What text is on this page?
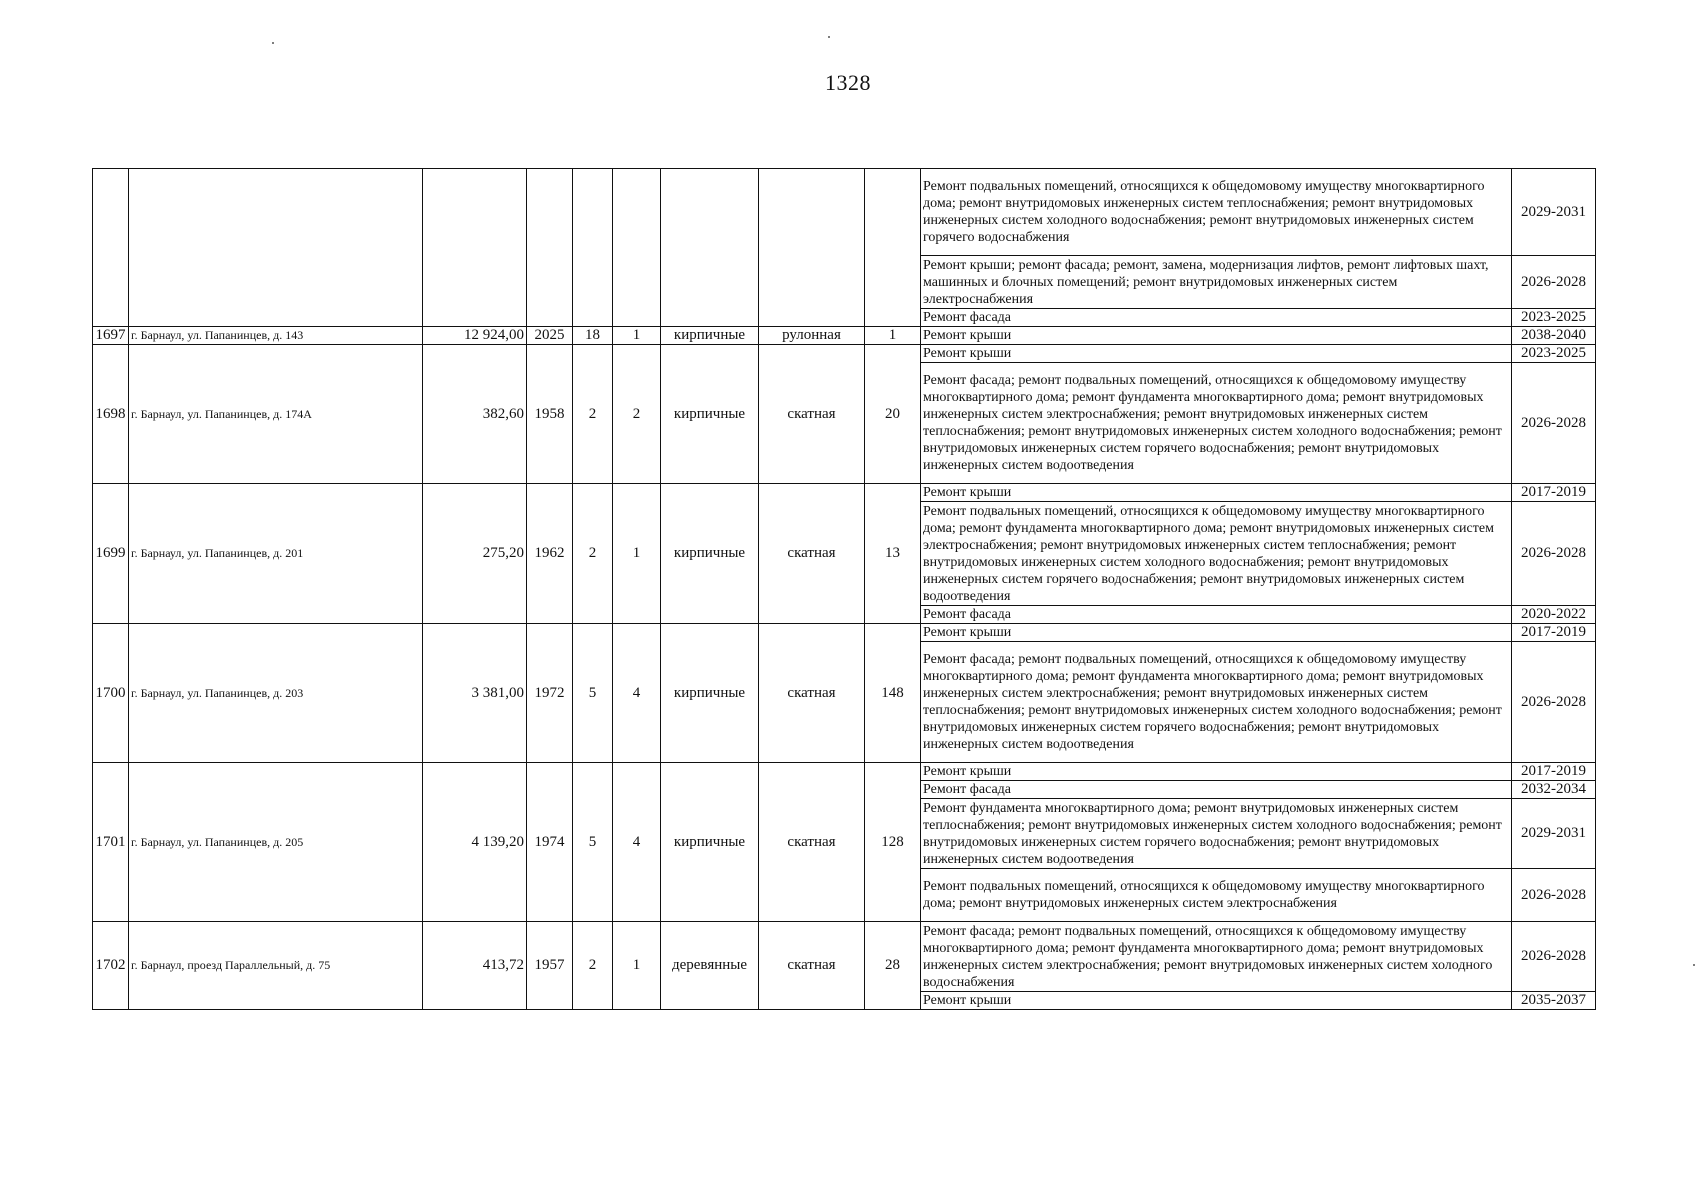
1328
									Ремонт подвальных помещений, относящихся к общедомовому имуществу многоквартирного дома; ремонт внутридомовых инженерных систем теплоснабжения; ремонт внутридомовых инженерных систем холодного водоснабжения; ремонт внутридомовых инженерных систем горячего водоснабжения	2029-2031
									Ремонт крыши; ремонт фасада; ремонт, замена, модернизация лифтов, ремонт лифтовых шахт, машинных и блочных помещений; ремонт внутридомовых инженерных систем электроснабжения	2026-2028
									Ремонт фасада	2023-2025
1697	г. Барнаул, ул. Папанинцев, д. 143	12 924,00	2025	18	1	кирпичные	рулонная	1	Ремонт крыши	2038-2040
1698	г. Барнаул, ул. Папанинцев, д. 174А	382,60	1958	2	2	кирпичные	скатная	20	Ремонт крыши	2023-2025
									Ремонт фасада; ремонт подвальных помещений, относящихся к общедомовому имуществу многоквартирного дома; ремонт фундамента многоквартирного дома; ремонт внутридомовых инженерных систем электроснабжения; ремонт внутридомовых инженерных систем теплоснабжения; ремонт внутридомовых инженерных систем холодного водоснабжения; ремонт внутридомовых инженерных систем горячего водоснабжения; ремонт внутридомовых инженерных систем водоотведения	2026-2028
1699	г. Барнаул, ул. Папанинцев, д. 201	275,20	1962	2	1	кирпичные	скатная	13	Ремонт крыши	2017-2019
									Ремонт подвальных помещений, относящихся к общедомовому имуществу многоквартирного дома; ремонт фундамента многоквартирного дома; ремонт внутридомовых инженерных систем электроснабжения; ремонт внутридомовых инженерных систем теплоснабжения; ремонт внутридомовых инженерных систем холодного водоснабжения; ремонт внутридомовых инженерных систем горячего водоснабжения; ремонт внутридомовых инженерных систем водоотведения	2026-2028
									Ремонт фасада	2020-2022
1700	г. Барнаул, ул. Папанинцев, д. 203	3 381,00	1972	5	4	кирпичные	скатная	148	Ремонт крыши	2017-2019
									Ремонт фасада; ремонт подвальных помещений, относящихся к общедомовому имуществу многоквартирного дома; ремонт фундамента многоквартирного дома; ремонт внутридомовых инженерных систем электроснабжения; ремонт внутридомовых инженерных систем теплоснабжения; ремонт внутридомовых инженерных систем холодного водоснабжения; ремонт внутридомовых инженерных систем горячего водоснабжения; ремонт внутридомовых инженерных систем водоотведения	2026-2028
1701	г. Барнаул, ул. Папанинцев, д. 205	4 139,20	1974	5	4	кирпичные	скатная	128	Ремонт крыши	2017-2019
									Ремонт фасада	2032-2034
									Ремонт фундамента многоквартирного дома; ремонт внутридомовых инженерных систем теплоснабжения; ремонт внутридомовых инженерных систем холодного водоснабжения; ремонт внутридомовых инженерных систем горячего водоснабжения; ремонт внутридомовых инженерных систем водоотведения	2029-2031
									Ремонт подвальных помещений, относящихся к общедомовому имуществу многоквартирного дома; ремонт внутридомовых инженерных систем электроснабжения	2026-2028
1702	г. Барнаул, проезд Параллельный, д. 75	413,72	1957	2	1	деревянные	скатная	28	Ремонт фасада; ремонт подвальных помещений, относящихся к общедомовому имуществу многоквартирного дома; ремонт фундамента многоквартирного дома; ремонт внутридомовых инженерных систем электроснабжения; ремонт внутридомовых инженерных систем холодного водоснабжения	2026-2028
									Ремонт крыши	2035-2037
